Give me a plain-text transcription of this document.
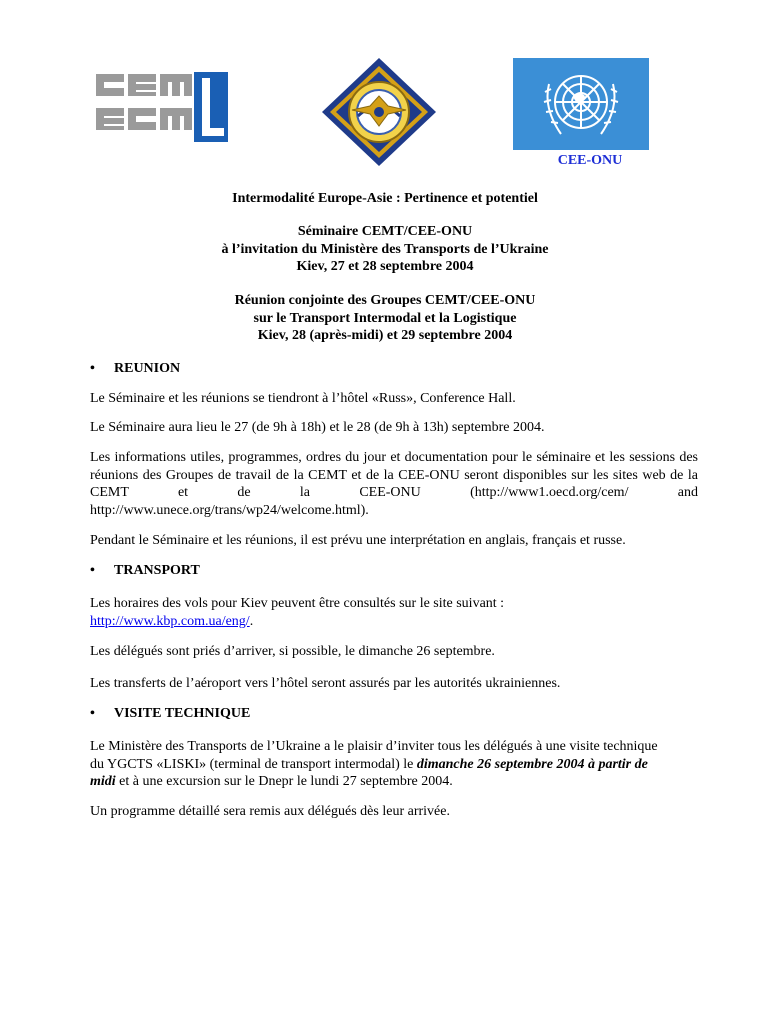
CEE-ONU
Intermodalité Europe-Asie : Pertinence et potentiel
Séminaire CEMT/CEE-ONU
à l’invitation du Ministère des Transports de l’Ukraine
Kiev, 27 et 28 septembre 2004
Réunion conjointe des Groupes CEMT/CEE-ONU
sur le Transport Intermodal et la Logistique
Kiev, 28 (après-midi) et 29 septembre 2004
• REUNION
Le Séminaire et les réunions se tiendront à l’hôtel «Russ», Conference Hall.
Le Séminaire aura lieu le 27 (de 9h à 18h) et le 28 (de 9h à 13h) septembre 2004.
Les informations utiles, programmes, ordres du jour et documentation pour le séminaire et les sessions des réunions des Groupes de travail de la CEMT et de la CEE-ONU seront disponibles sur les sites web de la CEMT et de la CEE-ONU (http://www1.oecd.org/cem/ and http://www.unece.org/trans/wp24/welcome.html).
Pendant le Séminaire et les réunions, il est prévu une interprétation en anglais, français et russe.
• TRANSPORT
Les horaires des vols pour Kiev peuvent être consultés sur le site suivant :
http://www.kbp.com.ua/eng/.
Les délégués sont priés d’arriver, si possible, le dimanche 26 septembre.
Les transferts de l’aéroport vers l’hôtel seront assurés par les autorités ukrainiennes.
• VISITE TECHNIQUE
Le Ministère des Transports de l’Ukraine a le plaisir d’inviter tous les délégués à une visite technique du YGCTS «LISKI» (terminal de transport intermodal) le dimanche 26 septembre 2004 à partir de midi et à une excursion sur le Dnepr le lundi 27 septembre 2004.
Un programme détaillé sera remis aux délégués dès leur arrivée.
